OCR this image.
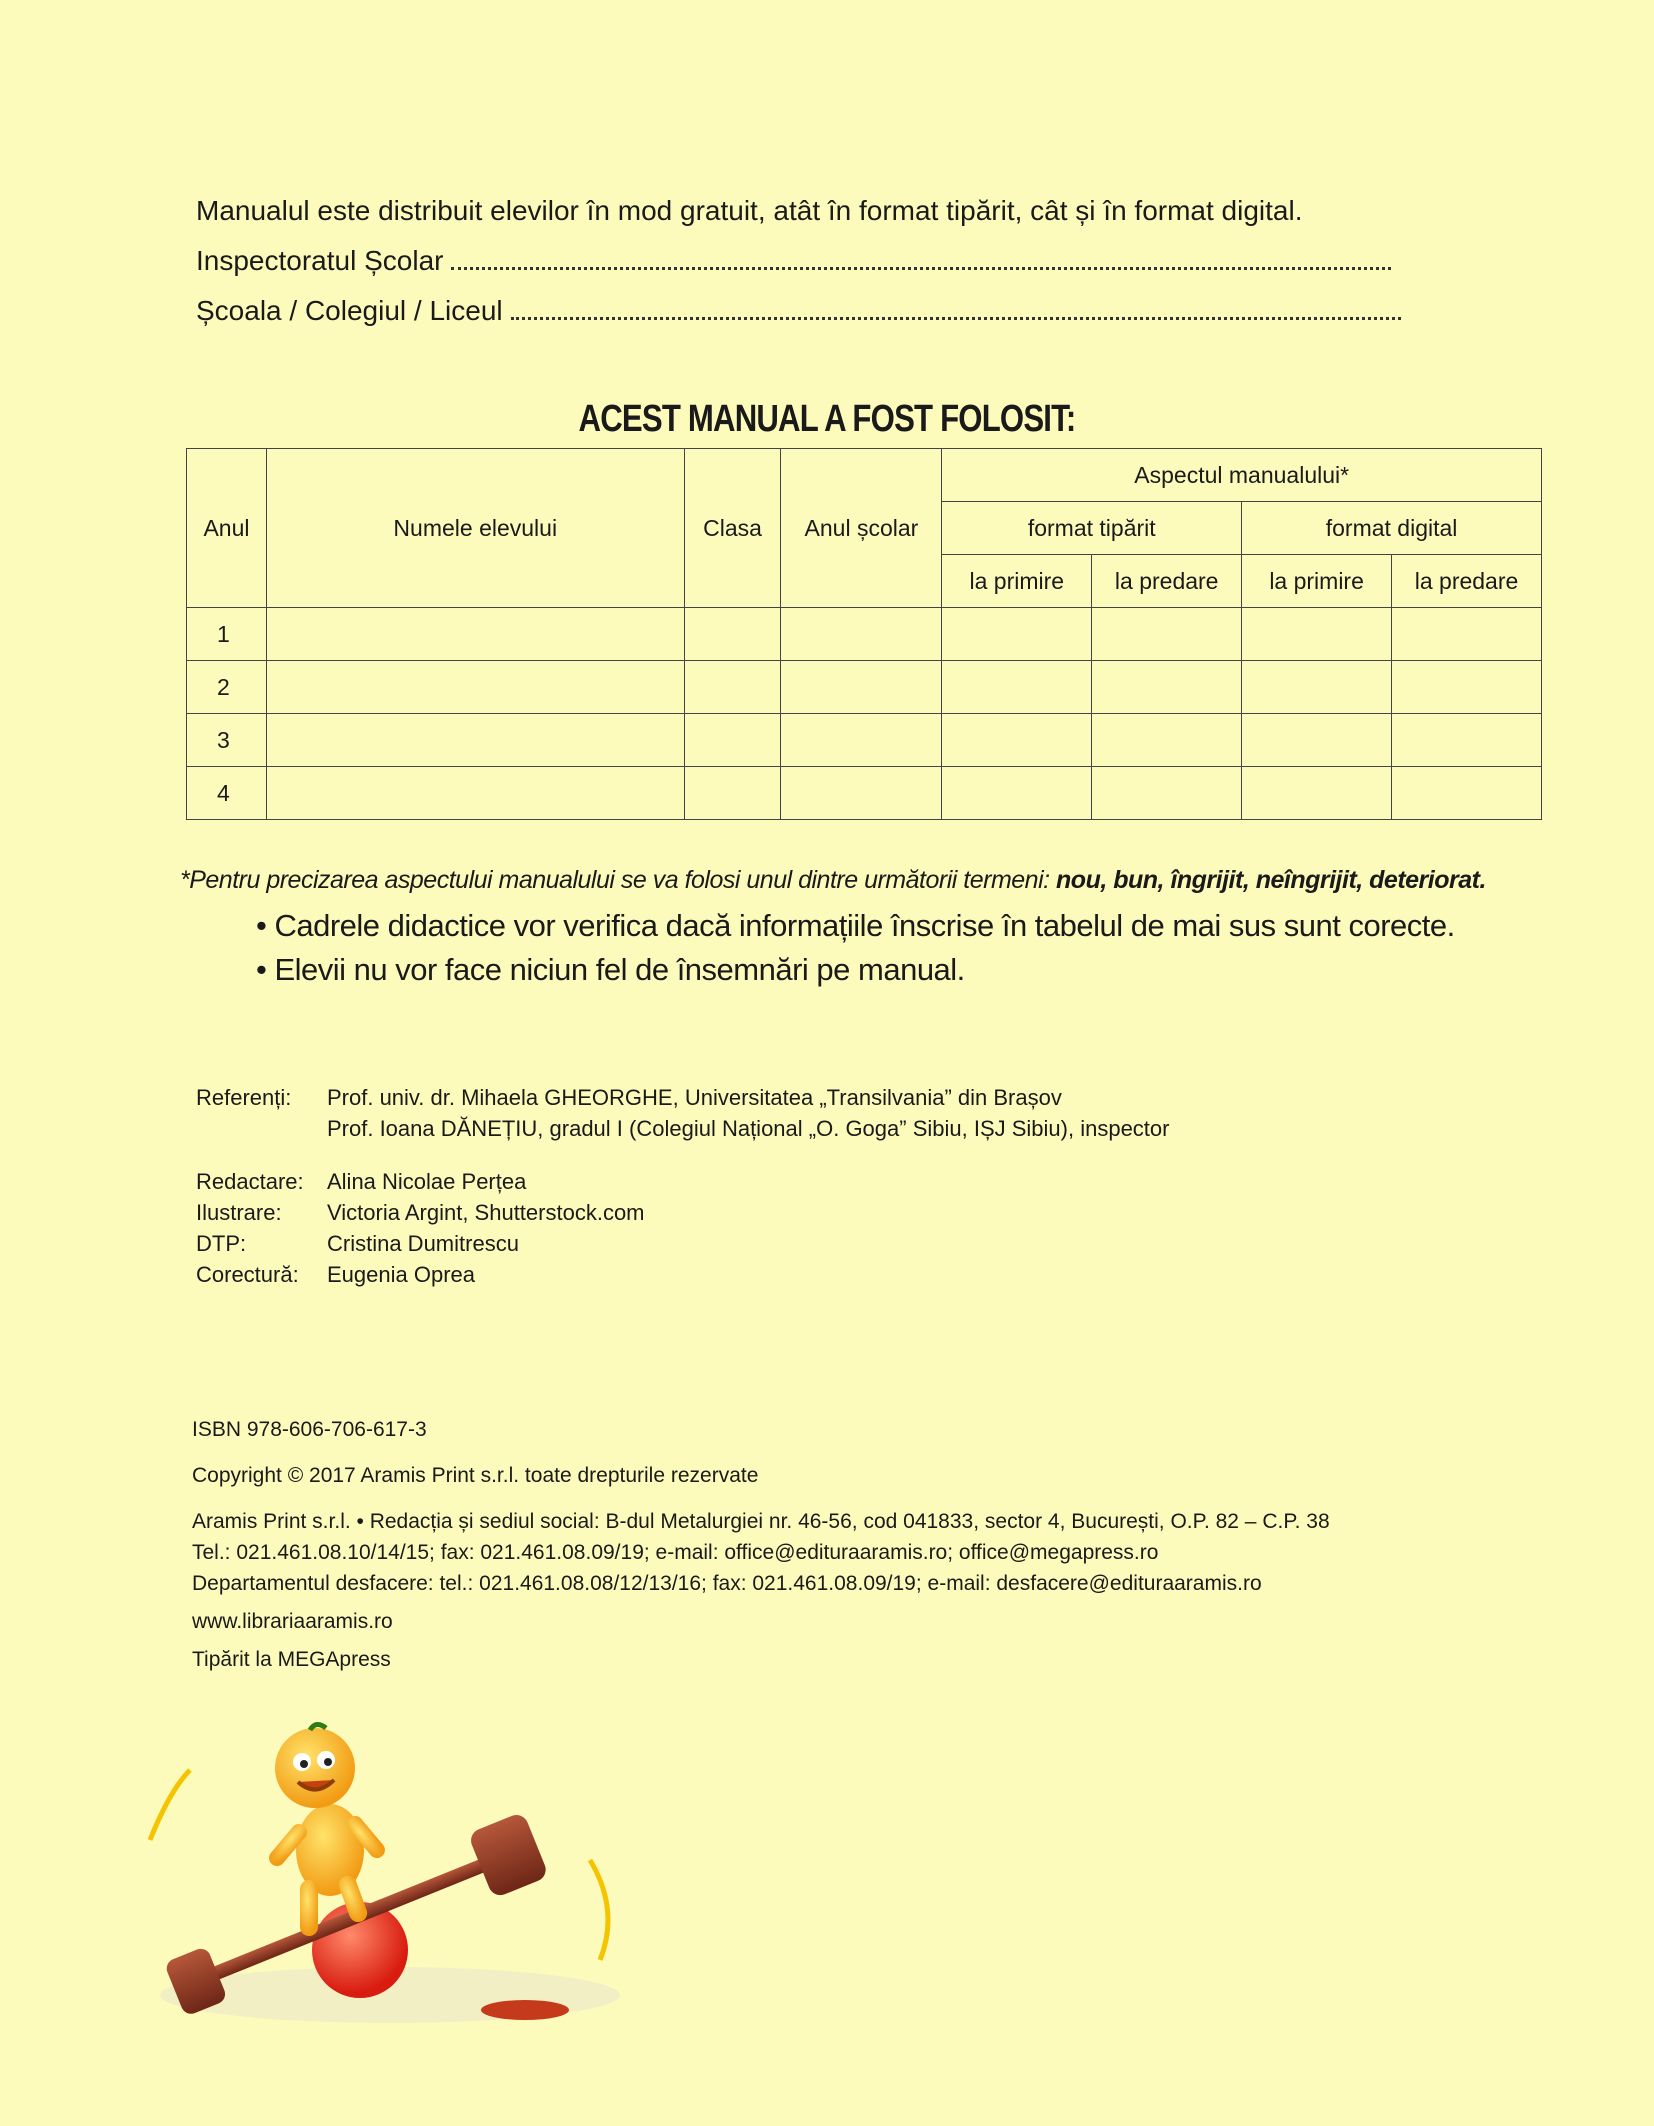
Manualul este distribuit elevilor în mod gratuit, atât în format tipărit, cât și în format digital.
Inspectoratul Școlar
Școala / Colegiul / Liceul
ACEST MANUAL A FOST FOLOSIT:
Anul	Numele elevului	Clasa	Anul școlar	Aspectul manualului*			
				format tipărit		format digital	
				la primire	la predare	la primire	la predare
1							
2							
3							
4							
*Pentru precizarea aspectului manualului se va folosi unul dintre următorii termeni: nou, bun, îngrijit, neîngrijit, deteriorat.
• Cadrele didactice vor verifica dacă informațiile înscrise în tabelul de mai sus sunt corecte.
• Elevii nu vor face niciun fel de însemnări pe manual.
Referenți:	Prof. univ. dr. Mihaela GHEORGHE, Universitatea „Transilvania” din Brașov
Prof. Ioana DĂNEȚIU, gradul I (Colegiul Național „O. Goga” Sibiu, IȘJ Sibiu), inspector
Redactare:	Alina Nicolae Perțea
Ilustrare:	Victoria Argint, Shutterstock.com
DTP:	Cristina Dumitrescu
Corectură:	Eugenia Oprea
ISBN 978-606-706-617-3
Copyright © 2017 Aramis Print s.r.l. toate drepturile rezervate
Aramis Print s.r.l. • Redacția și sediul social: B-dul Metalurgiei nr. 46-56, cod 041833, sector 4, București, O.P. 82 – C.P. 38
Tel.: 021.461.08.10/14/15; fax: 021.461.08.09/19; e-mail: office@edituraaramis.ro; office@megapress.ro
Departamentul desfacere: tel.: 021.461.08.08/12/13/16; fax: 021.461.08.09/19; e-mail: desfacere@edituraaramis.ro
www.librariaaramis.ro
Tipărit la MEGApress
